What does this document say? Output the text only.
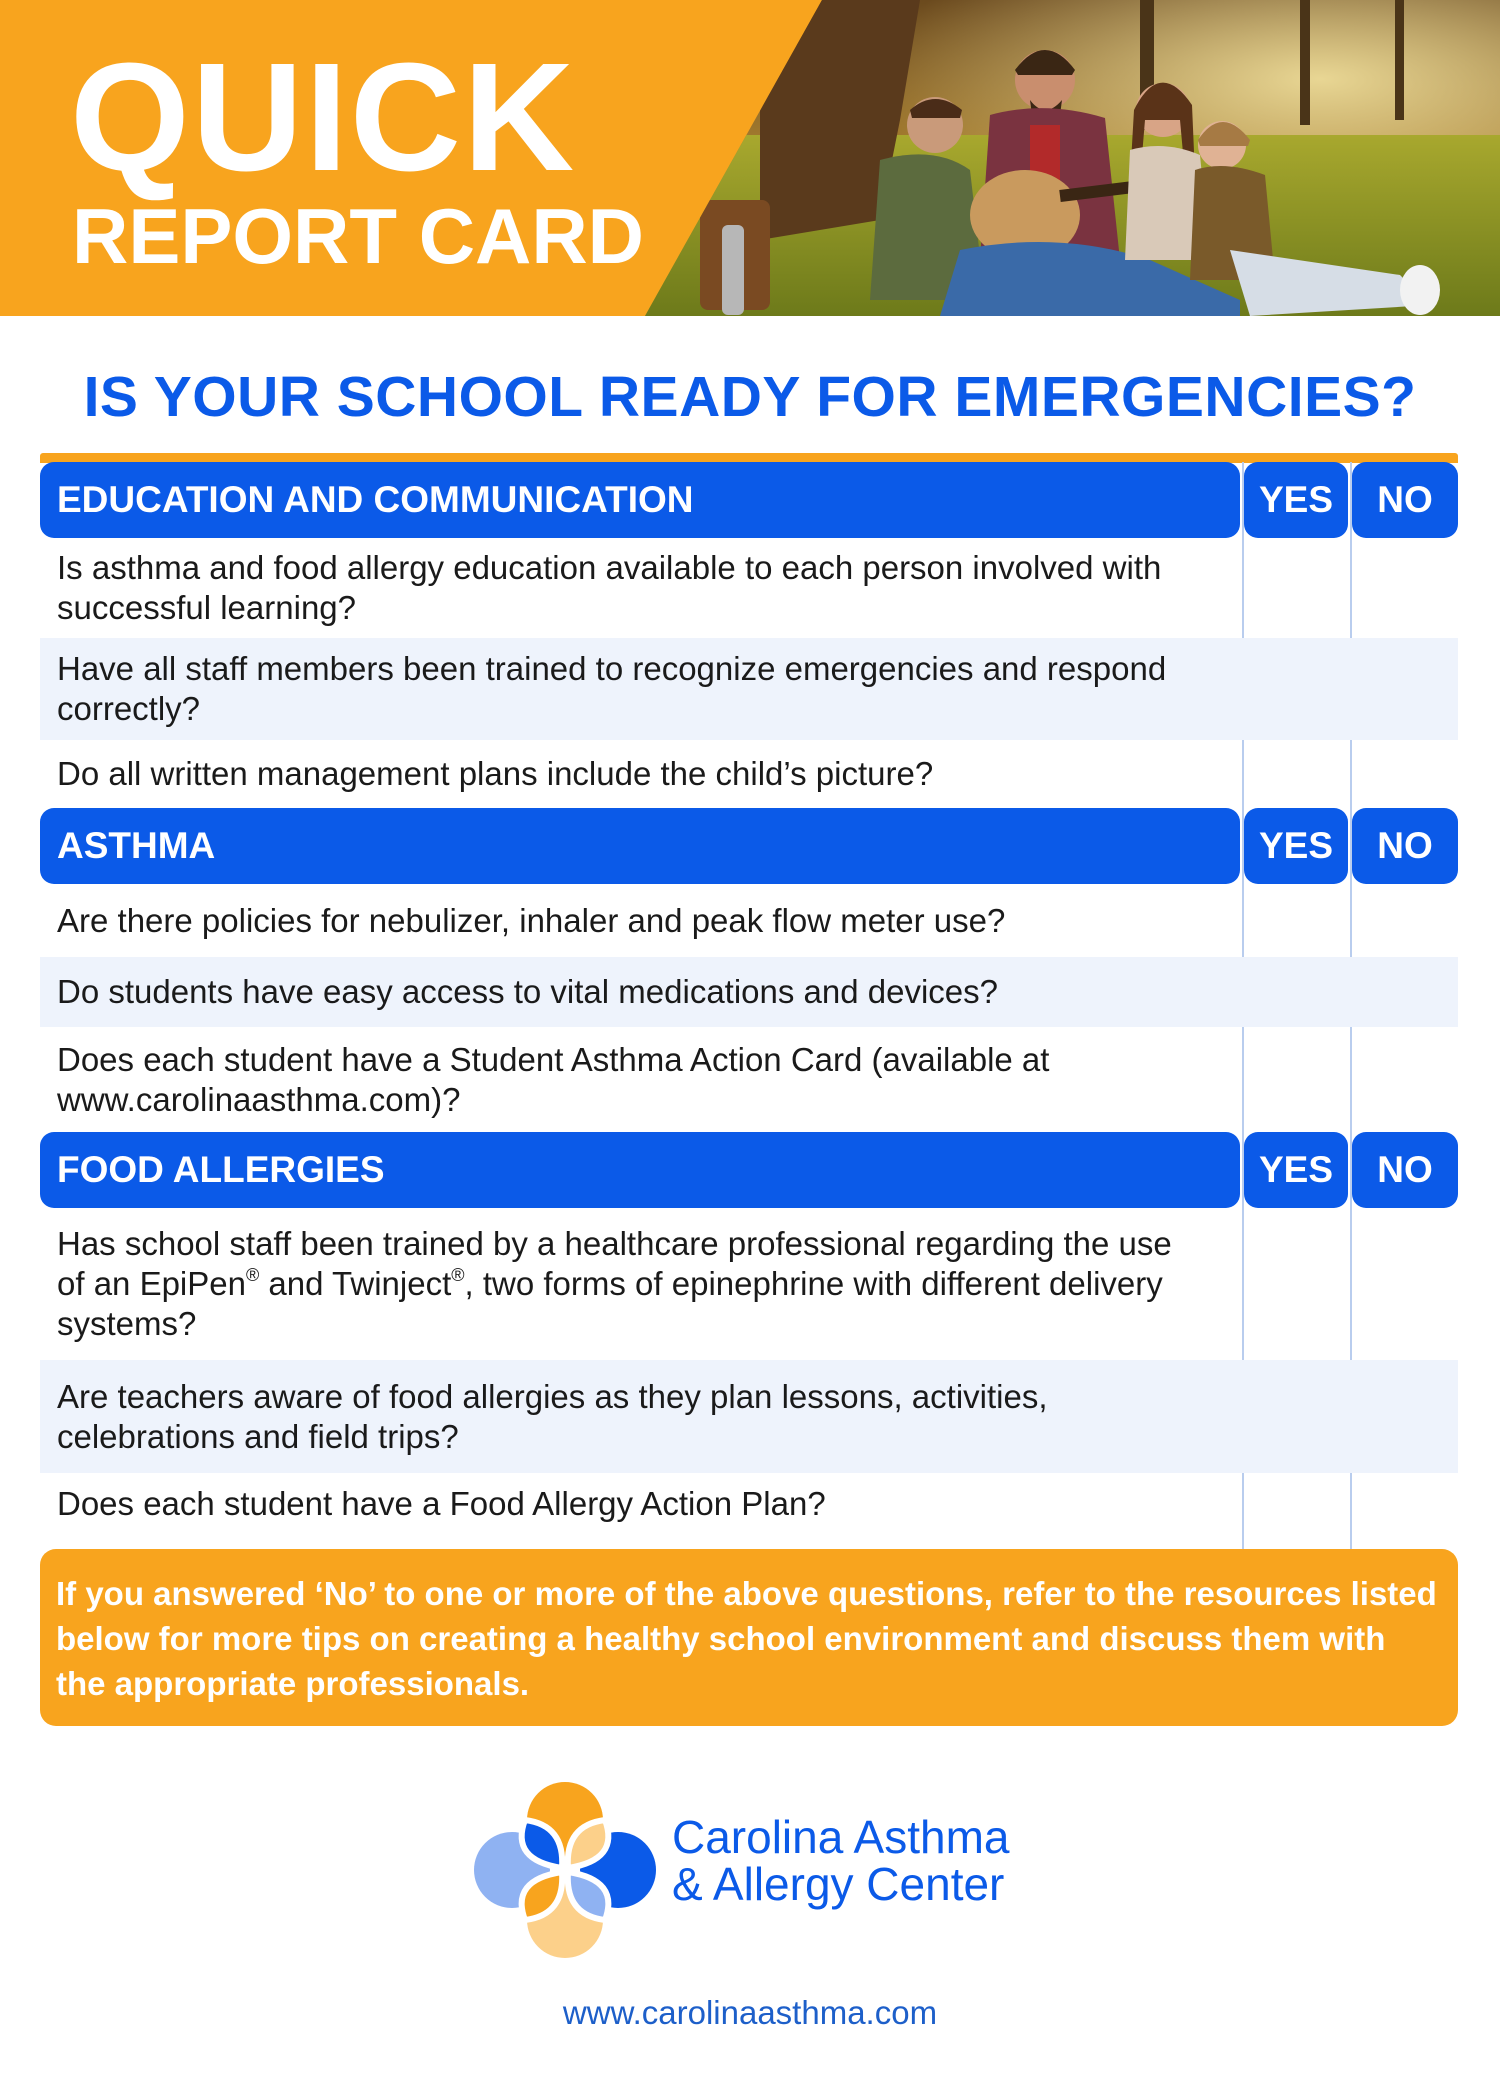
QUICK
REPORT CARD
IS YOUR SCHOOL READY FOR EMERGENCIES?
EDUCATION AND COMMUNICATION	YES	NO
Is asthma and food allergy education available to each person involved with successful learning?
Have all staff members been trained to recognize emergencies and respond correctly?
Do all written management plans include the child’s picture?
ASTHMA	YES	NO
Are there policies for nebulizer, inhaler and peak flow meter use?
Do students have easy access to vital medications and devices?
Does each student have a Student Asthma Action Card (available at www.carolinaasthma.com)?
FOOD ALLERGIES	YES	NO
Has school staff been trained by a healthcare professional regarding the use of an EpiPen® and Twinject®, two forms of epinephrine with different delivery systems?
Are teachers aware of food allergies as they plan lessons, activities, celebrations and field trips?
Does each student have a Food Allergy Action Plan?
If you answered ‘No’ to one or more of the above questions, refer to the resources listed below for more tips on creating a healthy school environment and discuss them with the appropriate professionals.
Carolina Asthma
& Allergy Center
www.carolinaasthma.com
